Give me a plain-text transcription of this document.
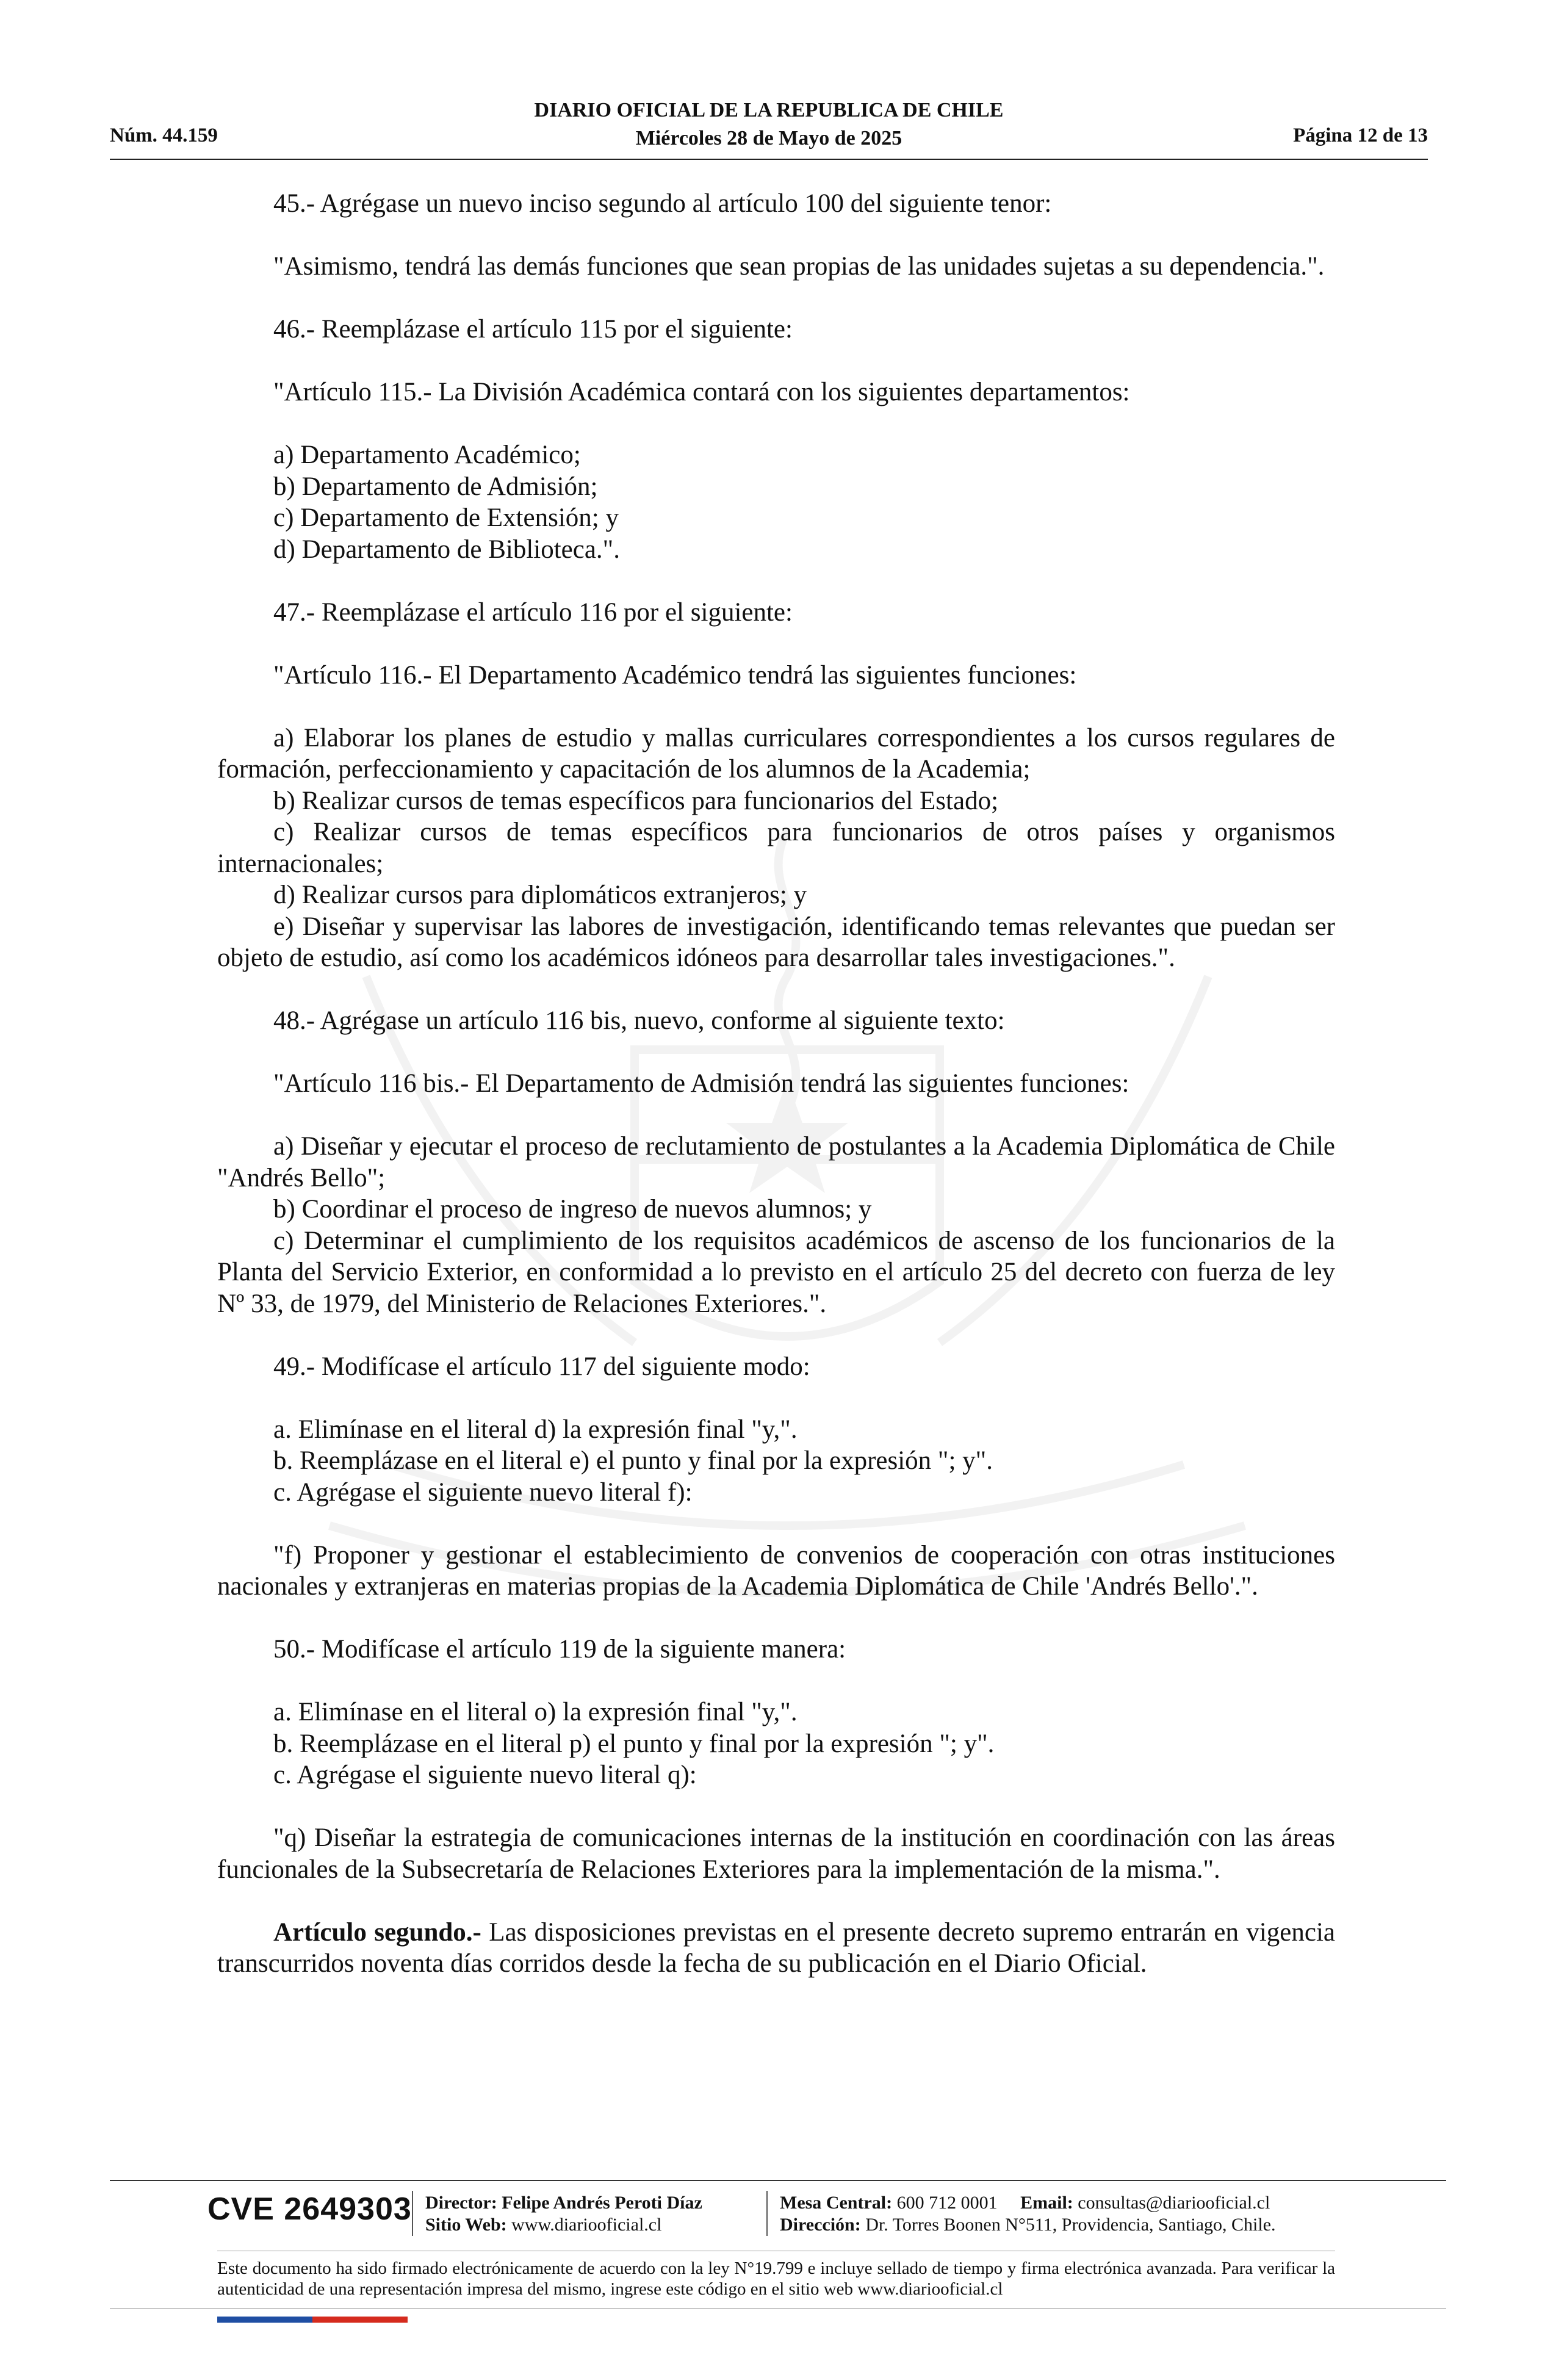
Núm. 44.159
DIARIO OFICIAL DE LA REPUBLICA DE CHILE
Miércoles 28 de Mayo de 2025	Página 12 de 13

45.- Agrégase un nuevo inciso segundo al artículo 100 del siguiente tenor:

"Asimismo, tendrá las demás funciones que sean propias de las unidades sujetas a su dependencia.".

46.- Reemplázase el artículo 115 por el siguiente:

"Artículo 115.- La División Académica contará con los siguientes departamentos:

a) Departamento Académico;

b) Departamento de Admisión;

c) Departamento de Extensión; y

d) Departamento de Biblioteca.".

47.- Reemplázase el artículo 116 por el siguiente:

"Artículo 116.- El Departamento Académico tendrá las siguientes funciones:

a) Elaborar los planes de estudio y mallas curriculares correspondientes a los cursos regulares de formación, perfeccionamiento y capacitación de los alumnos de la Academia;

b) Realizar cursos de temas específicos para funcionarios del Estado;

c) Realizar cursos de temas específicos para funcionarios de otros países y organismos internacionales;

d) Realizar cursos para diplomáticos extranjeros; y

e) Diseñar y supervisar las labores de investigación, identificando temas relevantes que puedan ser objeto de estudio, así como los académicos idóneos para desarrollar tales investigaciones.".

48.- Agrégase un artículo 116 bis, nuevo, conforme al siguiente texto:

"Artículo 116 bis.- El Departamento de Admisión tendrá las siguientes funciones:

a) Diseñar y ejecutar el proceso de reclutamiento de postulantes a la Academia Diplomática de Chile "Andrés Bello";

b) Coordinar el proceso de ingreso de nuevos alumnos; y

c) Determinar el cumplimiento de los requisitos académicos de ascenso de los funcionarios de la Planta del Servicio Exterior, en conformidad a lo previsto en el artículo 25 del decreto con fuerza de ley Nº 33, de 1979, del Ministerio de Relaciones Exteriores.".

49.- Modifícase el artículo 117 del siguiente modo:

a. Elimínase en el literal d) la expresión final "y,".

b. Reemplázase en el literal e) el punto y final por la expresión "; y".

c. Agrégase el siguiente nuevo literal f):

"f) Proponer y gestionar el establecimiento de convenios de cooperación con otras instituciones nacionales y extranjeras en materias propias de la Academia Diplomática de Chile 'Andrés Bello'.".

50.- Modifícase el artículo 119 de la siguiente manera:

a. Elimínase en el literal o) la expresión final "y,".

b. Reemplázase en el literal p) el punto y final por la expresión "; y".

c. Agrégase el siguiente nuevo literal q):

"q) Diseñar la estrategia de comunicaciones internas de la institución en coordinación con las áreas funcionales de la Subsecretaría de Relaciones Exteriores para la implementación de la misma.".

Artículo segundo.- Las disposiciones previstas en el presente decreto supremo entrarán en vigencia transcurridos noventa días corridos desde la fecha de su publicación en el Diario Oficial.

CVE 2649303 Director: Felipe Andrés Peroti Díaz
Sitio Web: www.diariooficial.cl
Mesa Central: 600 712 0001 Email: consultas@diariooficial.cl
Dirección: Dr. Torres Boonen N°511, Providencia, Santiago, Chile.
Este documento ha sido firmado electrónicamente de acuerdo con la ley N°19.799 e incluye sellado de tiempo y firma electrónica avanzada. Para verificar la autenticidad de una representación impresa del mismo, ingrese este código en el sitio web www.diariooficial.cl
